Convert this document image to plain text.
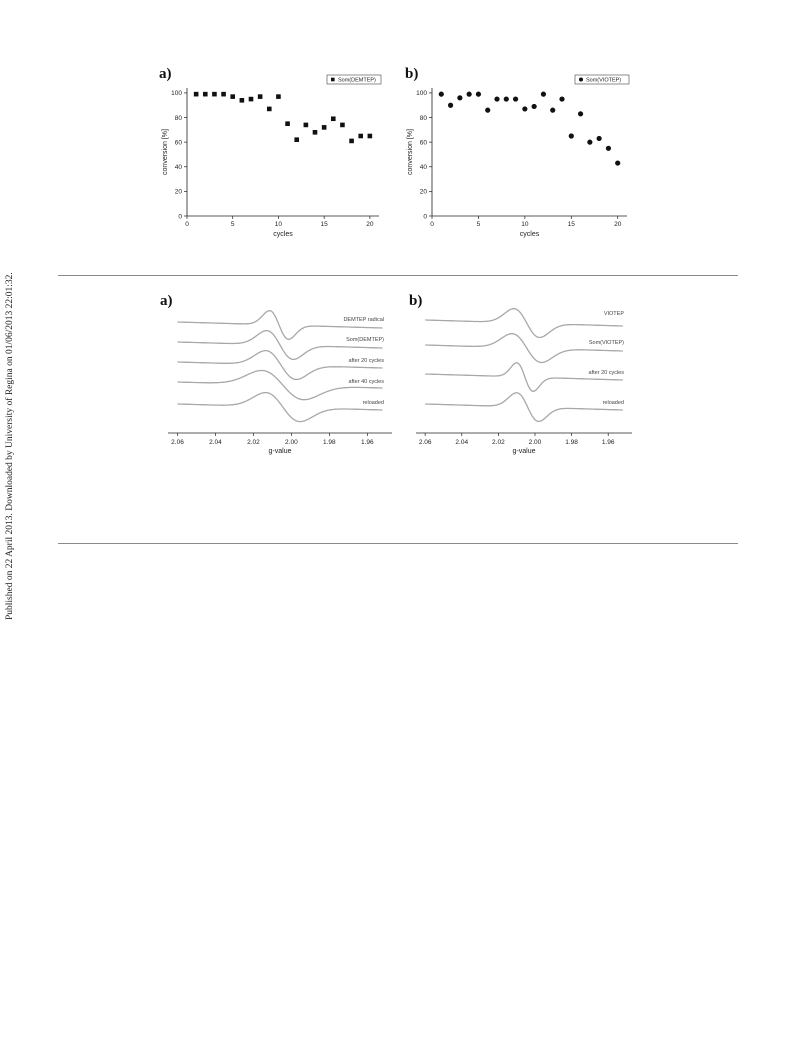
Published on 22 April 2013. Downloaded by University of Regina on 01/06/2013 22:01:32.
a)
0	5	10	15	20
0
20
40
60
80
100
cycles
conversion [%]
Som(DEMTEP) b)
0	5	10	15	20
0
20
40
60
80
100
cycles
conversion [%]
Som(VIOTEP)
a)
DEMTEP radical
Som(DEMTEP)
after 20 cycles
after 40 cycles
reloaded
2.06	2.04	2.02	2.00	1.98	1.96
g-value
b)
VIOTEP
Som(VIOTEP)
after 20 cycles
reloaded
2.06	2.04	2.02	2.00	1.98	1.96
g-value
